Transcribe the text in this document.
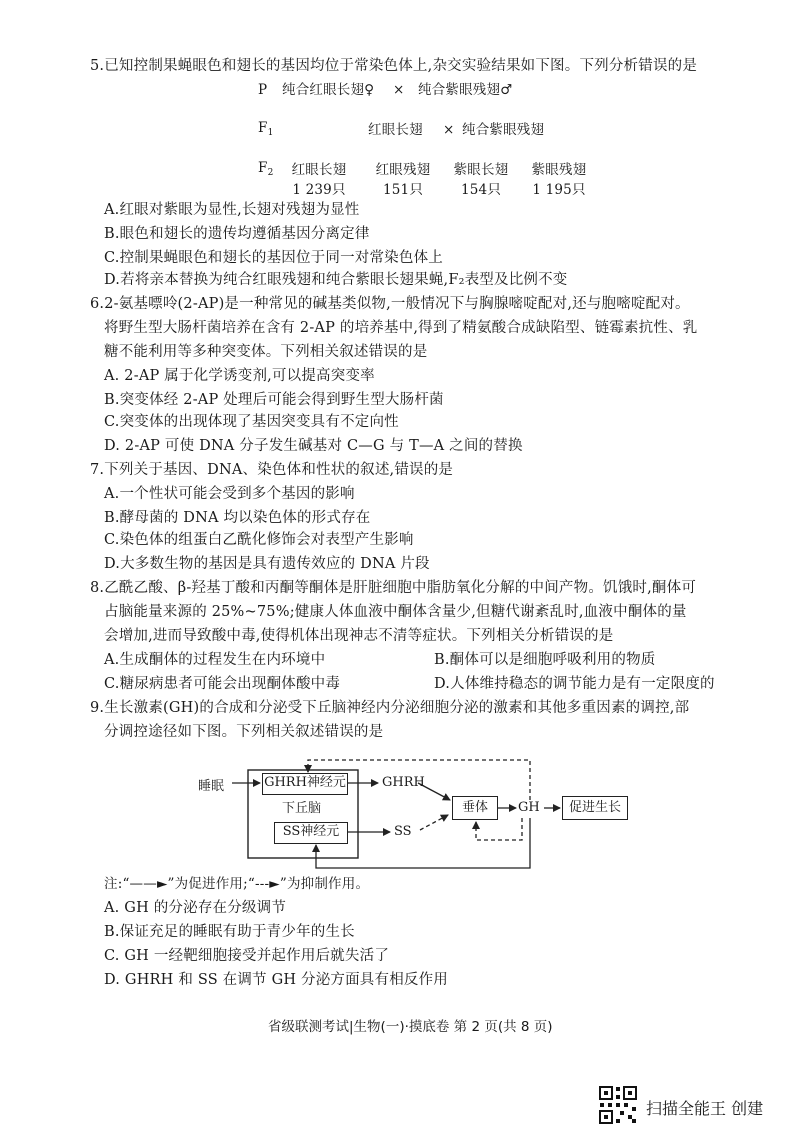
5.已知控制果蝇眼色和翅长的基因均位于常染色体上,杂交实验结果如下图。下列分析错误的是
P 纯合红眼长翅♀ × 纯合紫眼残翅♂
$F_1$	红眼长翅 × 纯合紫眼残翅
$F_2$	红眼长翅	红眼残翅	紫眼长翅	紫眼残翅
1 239只	151只	154只	1 195只
A.红眼对紫眼为显性,长翅对残翅为显性
B.眼色和翅长的遗传均遵循基因分离定律
C.控制果蝇眼色和翅长的基因位于同一对常染色体上
D.若将亲本替换为纯合红眼残翅和纯合紫眼长翅果蝇,F₂表型及比例不变
6.2-氨基嘌呤(2-AP)是一种常见的碱基类似物,一般情况下与胸腺嘧啶配对,还与胞嘧啶配对。
将野生型大肠杆菌培养在含有 2-AP 的培养基中,得到了精氨酸合成缺陷型、链霉素抗性、乳
糖不能利用等多种突变体。下列相关叙述错误的是
A. 2-AP 属于化学诱变剂,可以提高突变率
B.突变体经 2-AP 处理后可能会得到野生型大肠杆菌
C.突变体的出现体现了基因突变具有不定向性
D. 2-AP 可使 DNA 分子发生碱基对 C—G 与 T—A 之间的替换
7.下列关于基因、DNA、染色体和性状的叙述,错误的是
A.一个性状可能会受到多个基因的影响
B.酵母菌的 DNA 均以染色体的形式存在
C.染色体的组蛋白乙酰化修饰会对表型产生影响
D.大多数生物的基因是具有遗传效应的 DNA 片段
8.乙酰乙酸、β-羟基丁酸和丙酮等酮体是肝脏细胞中脂肪氧化分解的中间产物。饥饿时,酮体可
占脑能量来源的 25%~75%;健康人体血液中酮体含量少,但糖代谢紊乱时,血液中酮体的量
会增加,进而导致酸中毒,使得机体出现神志不清等症状。下列相关分析错误的是
A.生成酮体的过程发生在内环境中	B.酮体可以是细胞呼吸利用的物质
C.糖尿病患者可能会出现酮体酸中毒	D.人体维持稳态的调节能力是有一定限度的
9.生长激素(GH)的合成和分泌受下丘脑神经内分泌细胞分泌的激素和其他多重因素的调控,部
分调控途径如下图。下列相关叙述错误的是
睡眠	GHRH神经元
下丘脑
SS神经元
GHRH
SS
垂体	GH	促进生长
注:“——►”为促进作用;“---►”为抑制作用。
A. GH 的分泌存在分级调节
B.保证充足的睡眠有助于青少年的生长
C. GH 一经靶细胞接受并起作用后就失活了
D. GHRH 和 SS 在调节 GH 分泌方面具有相反作用
省级联测考试|生物(一)·摸底卷 第 2 页(共 8 页)
扫描全能王 创建
